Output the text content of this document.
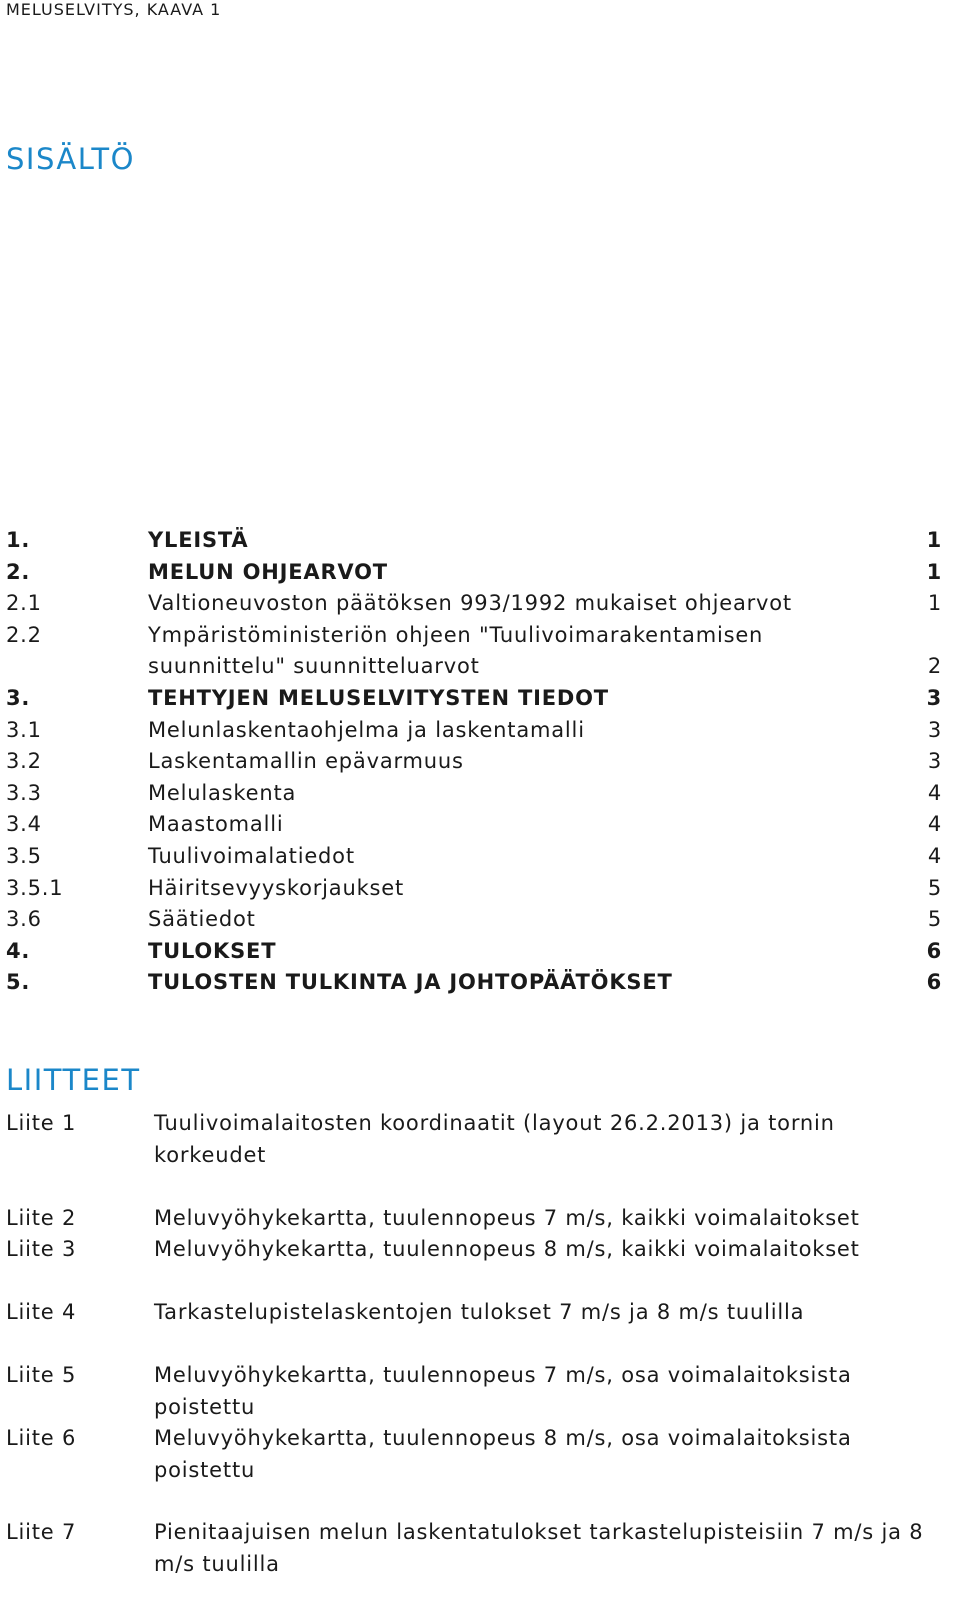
MELUSELVITYS, KAAVA 1
SISÄLTÖ
1.	YLEISTÄ	1
2.	MELUN OHJEARVOT	1
2.1	Valtioneuvoston päätöksen 993/1992 mukaiset ohjearvot	1
2.2	Ympäristöministeriön ohjeen "Tuulivoimarakentamisen suunnittelu" suunnitteluarvot	2
3.	TEHTYJEN MELUSELVITYSTEN TIEDOT	3
3.1	Melunlaskentaohjelma ja laskentamalli	3
3.2	Laskentamallin epävarmuus	3
3.3	Melulaskenta	4
3.4	Maastomalli	4
3.5	Tuulivoimalatiedot	4
3.5.1	Häiritsevyyskorjaukset	5
3.6	Säätiedot	5
4.	TULOKSET	6
5.	TULOSTEN TULKINTA JA JOHTOPÄÄTÖKSET	6
LIITTEET
Liite 1	Tuulivoimalaitosten koordinaatit (layout 26.2.2013) ja tornin korkeudet
Liite 2	Meluvyöhykekartta, tuulennopeus 7 m/s, kaikki voimalaitokset
Liite 3	Meluvyöhykekartta, tuulennopeus 8 m/s, kaikki voimalaitokset
Liite 4	Tarkastelupistelaskentojen tulokset 7 m/s ja 8 m/s tuulilla
Liite 5	Meluvyöhykekartta, tuulennopeus 7 m/s, osa voimalaitoksista poistettu
Liite 6	Meluvyöhykekartta, tuulennopeus 8 m/s, osa voimalaitoksista poistettu
Liite 7	Pienitaajuisen melun laskentatulokset tarkastelupisteisiin 7 m/s ja 8 m/s tuulilla
